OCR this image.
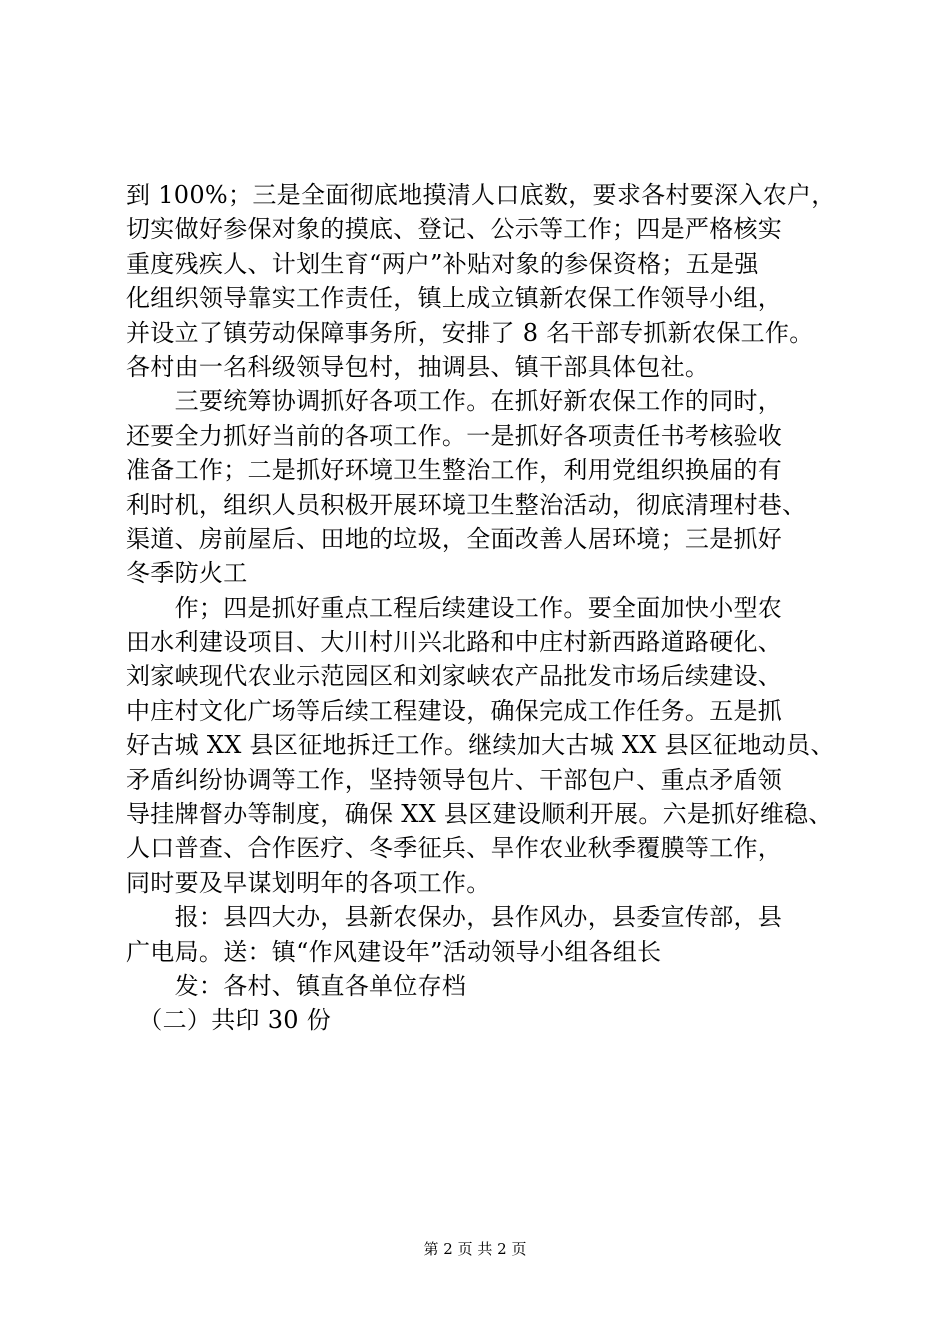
到 100%；三是全面彻底地摸清人口底数，要求各村要深入农户，
切实做好参保对象的摸底、登记、公示等工作；四是严格核实
重度残疾人、计划生育“两户”补贴对象的参保资格；五是强
化组织领导靠实工作责任，镇上成立镇新农保工作领导小组，
并设立了镇劳动保障事务所，安排了 8 名干部专抓新农保工作。
各村由一名科级领导包村，抽调县、镇干部具体包社。
　　三要统筹协调抓好各项工作。在抓好新农保工作的同时，
还要全力抓好当前的各项工作。一是抓好各项责任书考核验收
准备工作；二是抓好环境卫生整治工作，利用党组织换届的有
利时机，组织人员积极开展环境卫生整治活动，彻底清理村巷、
渠道、房前屋后、田地的垃圾，全面改善人居环境；三是抓好
冬季防火工
　　作；四是抓好重点工程后续建设工作。要全面加快小型农
田水利建设项目、大川村川兴北路和中庄村新西路道路硬化、
刘家峡现代农业示范园区和刘家峡农产品批发市场后续建设、
中庄村文化广场等后续工程建设，确保完成工作任务。五是抓
好古城 XX 县区征地拆迁工作。继续加大古城 XX 县区征地动员、
矛盾纠纷协调等工作，坚持领导包片、干部包户、重点矛盾领
导挂牌督办等制度，确保 XX 县区建设顺利开展。六是抓好维稳、
人口普查、合作医疗、冬季征兵、旱作农业秋季覆膜等工作，
同时要及早谋划明年的各项工作。
　　报：县四大办，县新农保办，县作风办，县委宣传部，县
广电局。送：镇“作风建设年”活动领导小组各组长
　　发：各村、镇直各单位存档
　（二）共印 30 份
第 2 页 共 2 页
